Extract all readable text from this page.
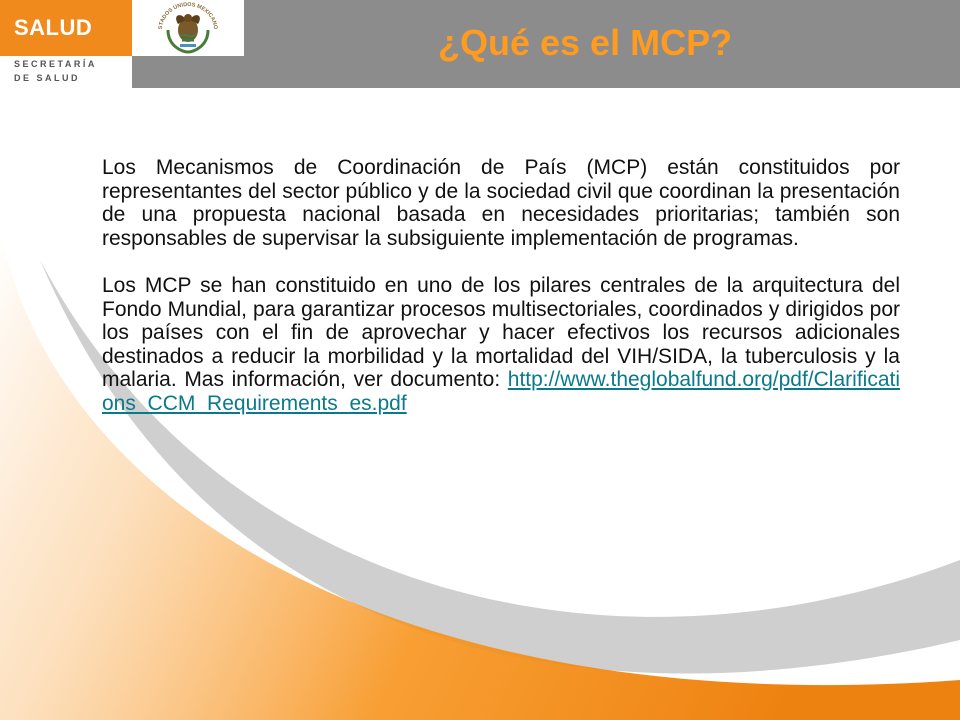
SALUD
SECRETARÍA
DE SALUD
STADOS UNIDOS MEXICANO	¿Qué es el MCP?

Los Mecanismos de Coordinación de País (MCP) están constituidos por representantes del sector público y de la sociedad civil que coordinan la presentación de una propuesta nacional basada en necesidades prioritarias; también son responsables de supervisar la subsiguiente implementación de programas.

Los MCP se han constituido en uno de los pilares centrales de la arquitectura del Fondo Mundial, para garantizar procesos multisectoriales, coordinados y dirigidos por los países con el fin de aprovechar y hacer efectivos los recursos adicionales destinados a reducir la morbilidad y la mortalidad del VIH/SIDA, la tuberculosis y la malaria. Mas información, ver documento: http://www.theglobalfund.org/pdf/Clarifications_CCM_Requirements_es.pdf
